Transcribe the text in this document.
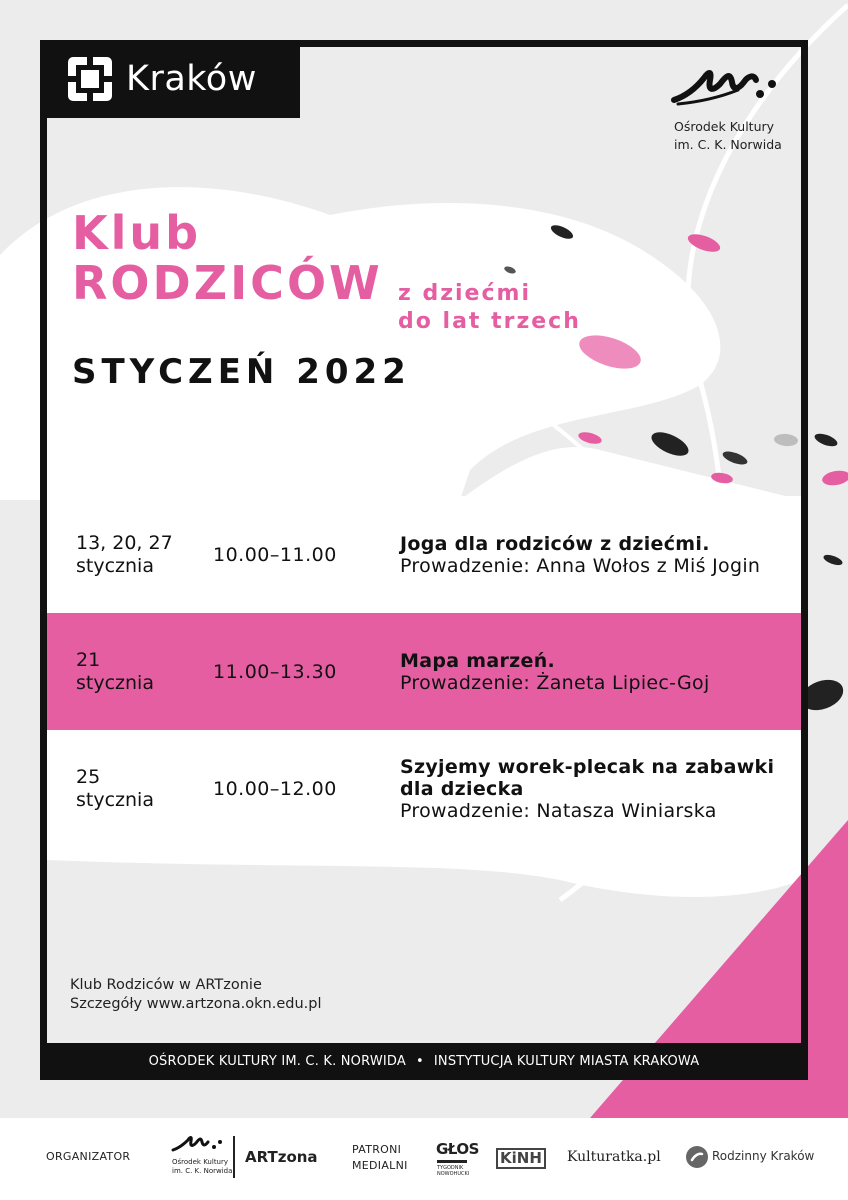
Kraków
Ośrodek Kultury
im. C. K. Norwida
Klub
RODZICÓW z dziećmi
do lat trzech
STYCZEŃ 2022
13, 20, 27
stycznia	10.00–11.00	Joga dla rodziców z dziećmi.
Prowadzenie: Anna Wołos z Miś Jogin
21
stycznia	11.00–13.30	Mapa marzeń.
Prowadzenie: Żaneta Lipiec-Goj
25
stycznia	10.00–12.00
Szyjemy worek-plecak na zabawki dla dziecka
Prowadzenie: Natasza Winiarska
Klub Rodziców w ARTzonie
Szczegóły www.artzona.okn.edu.pl
OŚRODEK KULTURY IM. C. K. NORWIDA • INSTYTUCJA KULTURY MIASTA KRAKOWA
ORGANIZATOR	Ośrodek Kultury
im. C. K. Norwida
ARTzona	PATRONI
MEDIALNI
GŁOS
TYGODNIK
NOWOHUCKI
KiNH Kulturatka.pl	Rodzinny Kraków
